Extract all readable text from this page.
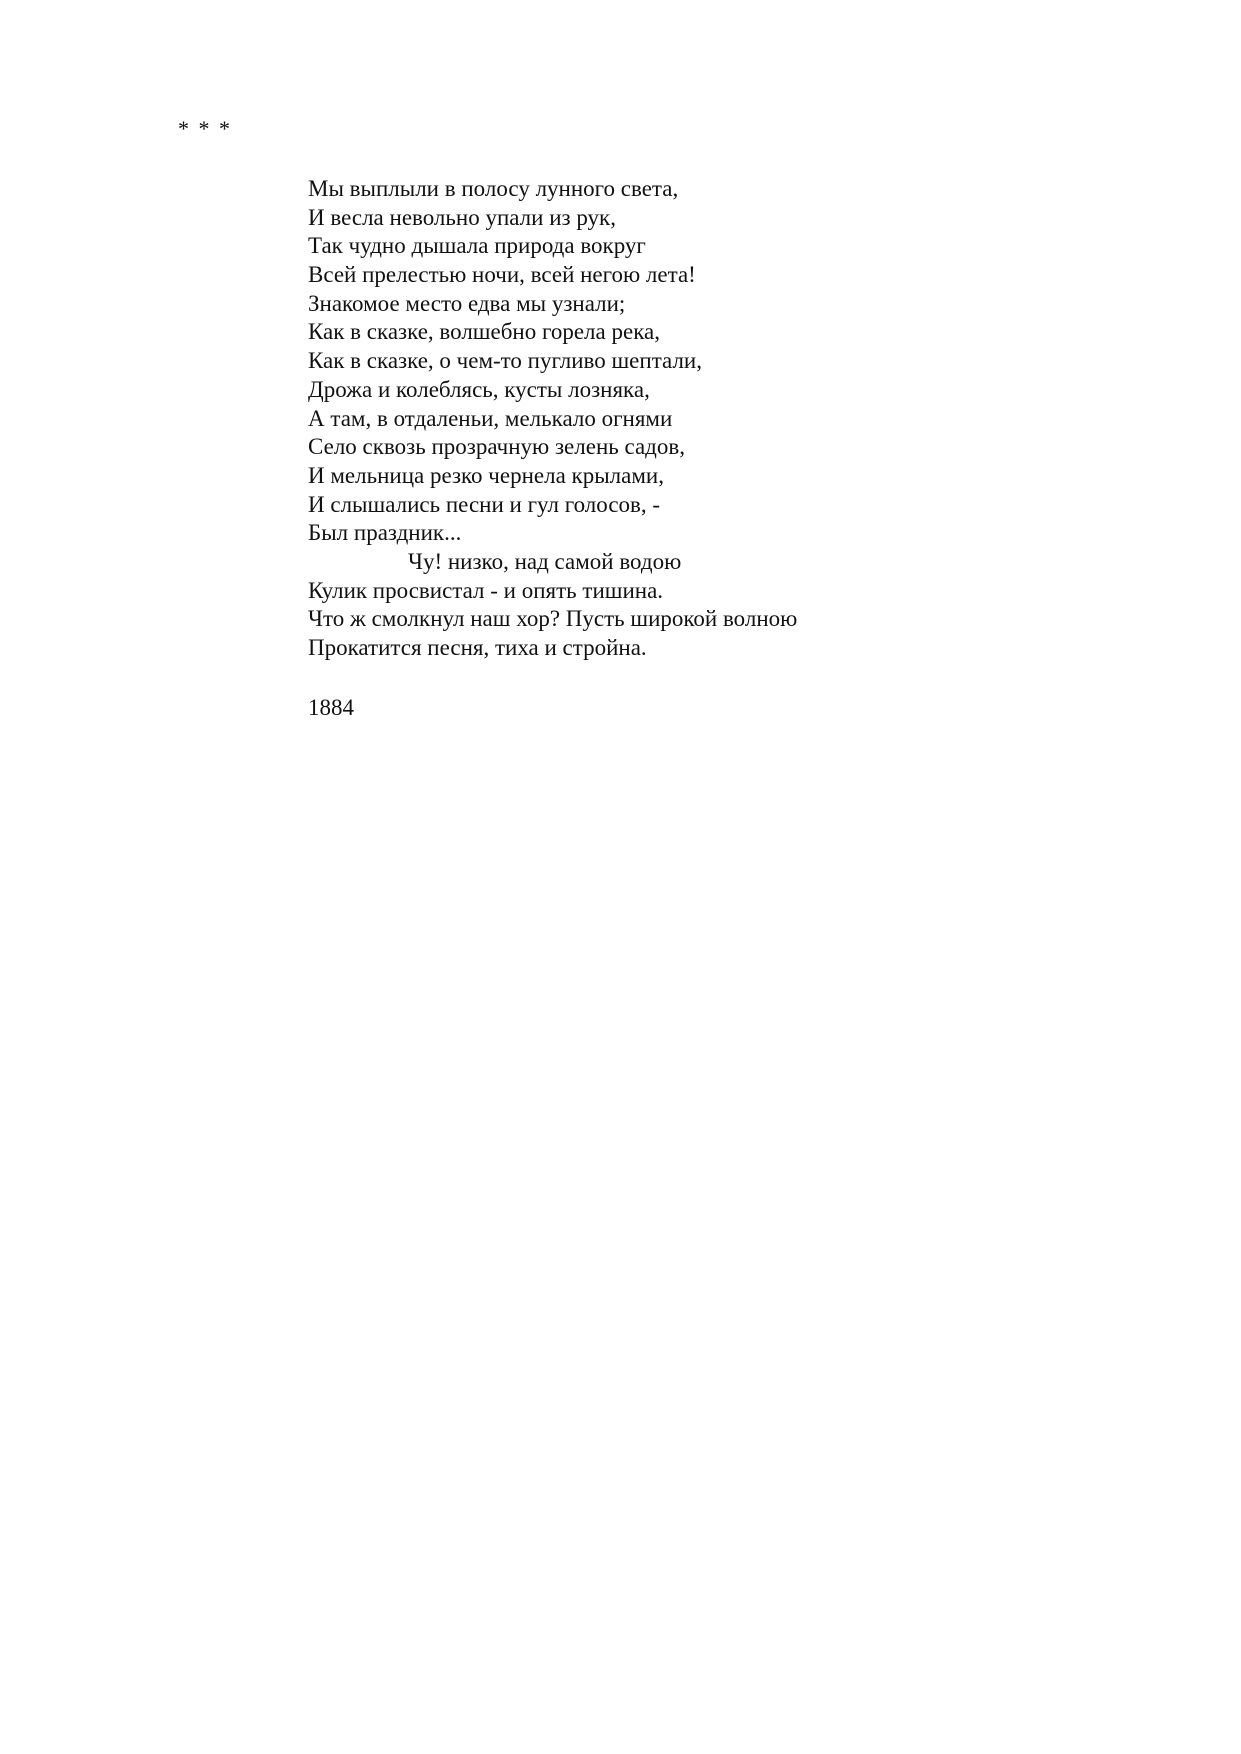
* * *
Мы выплыли в полосу лунного света,
И весла невольно упали из рук,
Так чудно дышала природа вокруг
Всей прелестью ночи, всей негою лета!
Знакомое место едва мы узнали;
Как в сказке, волшебно горела река,
Как в сказке, о чем-то пугливо шептали,
Дрожа и колеблясь, кусты лозняка,
А там, в отдаленьи, мелькало огнями
Село сквозь прозрачную зелень садов,
И мельница резко чернела крылами,
И слышались песни и гул голосов, -
Был праздник...
Чу! низко, над самой водою
Кулик просвистал - и опять тишина.
Что ж смолкнул наш хор? Пусть широкой волною
Прокатится песня, тиха и стройна.
1884
